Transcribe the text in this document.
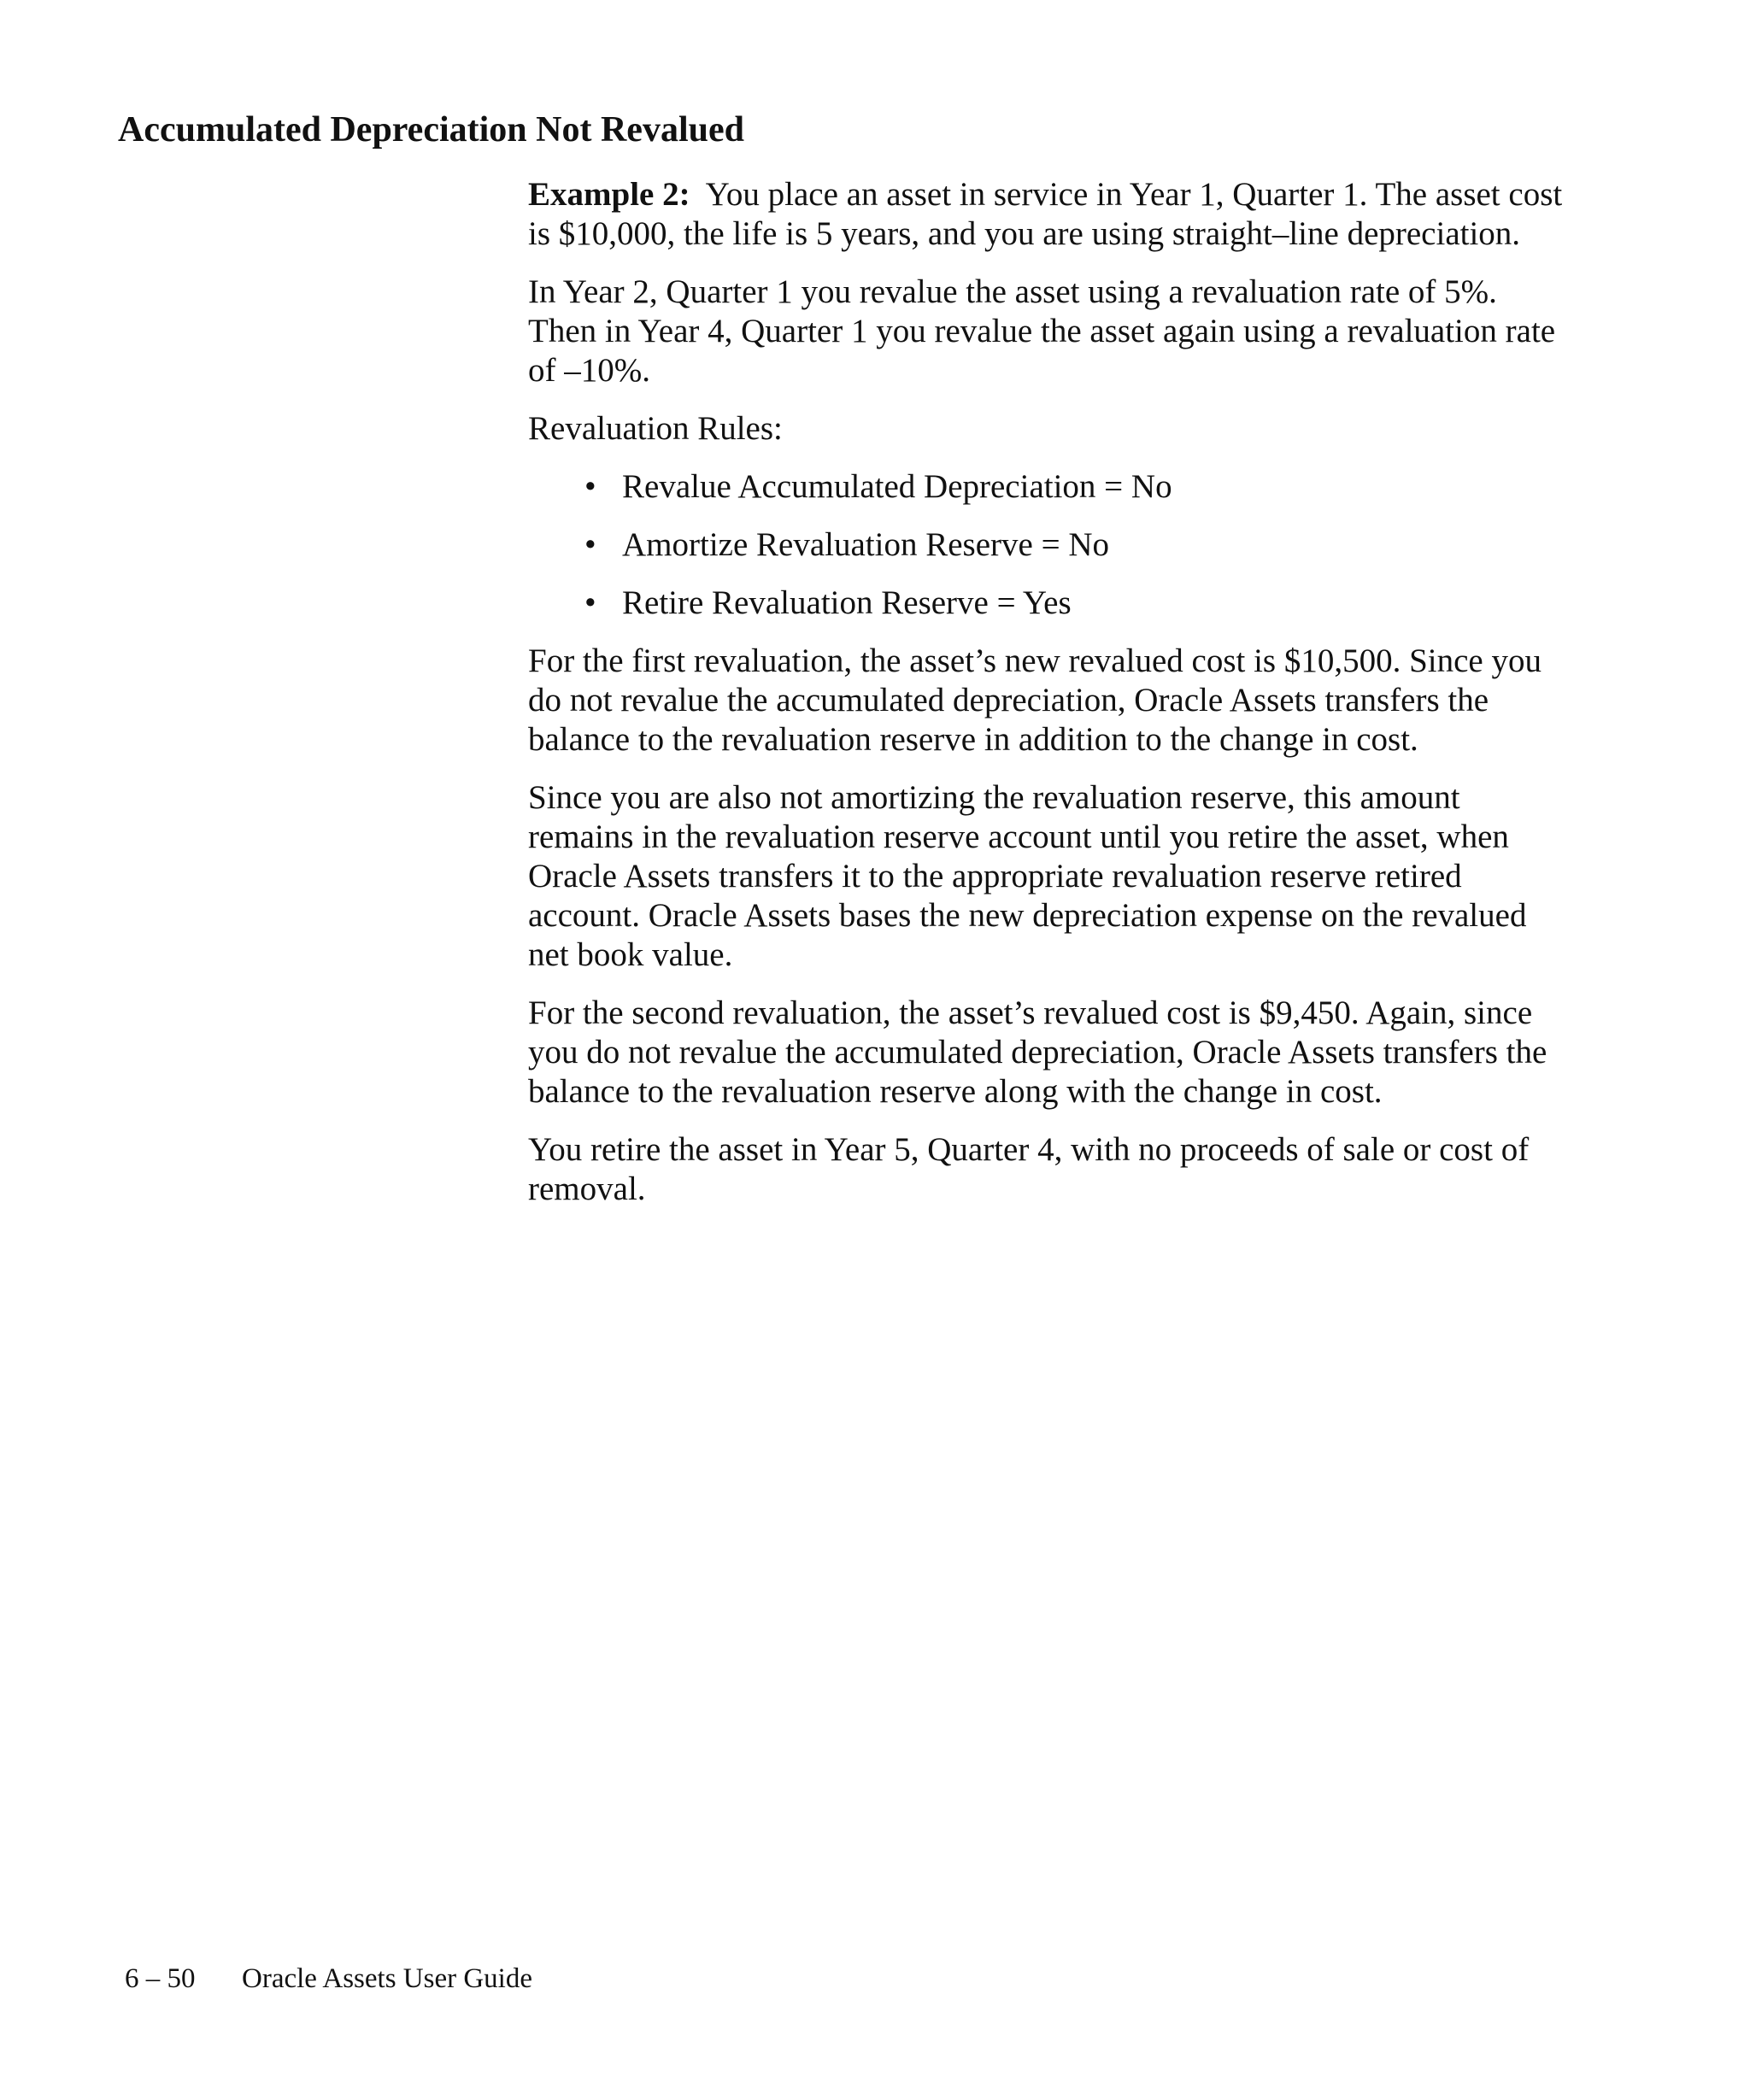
Accumulated Depreciation Not Revalued

Example 2: You place an asset in service in Year 1, Quarter 1. The asset cost is $10,000, the life is 5 years, and you are using straight–line depreciation.

In Year 2, Quarter 1 you revalue the asset using a revaluation rate of 5%. Then in Year 4, Quarter 1 you revalue the asset again using a revaluation rate of –10%.

Revaluation Rules:

• Revalue Accumulated Depreciation = No
• Amortize Revaluation Reserve = No
• Retire Revaluation Reserve = Yes

For the first revaluation, the asset’s new revalued cost is $10,500. Since you do not revalue the accumulated depreciation, Oracle Assets transfers the balance to the revaluation reserve in addition to the change in cost.

Since you are also not amortizing the revaluation reserve, this amount remains in the revaluation reserve account until you retire the asset, when Oracle Assets transfers it to the appropriate revaluation reserve retired account. Oracle Assets bases the new depreciation expense on the revalued net book value.

For the second revaluation, the asset’s revalued cost is $9,450. Again, since you do not revalue the accumulated depreciation, Oracle Assets transfers the balance to the revaluation reserve along with the change in cost.

You retire the asset in Year 5, Quarter 4, with no proceeds of sale or cost of removal.

6 – 50 Oracle Assets User Guide
